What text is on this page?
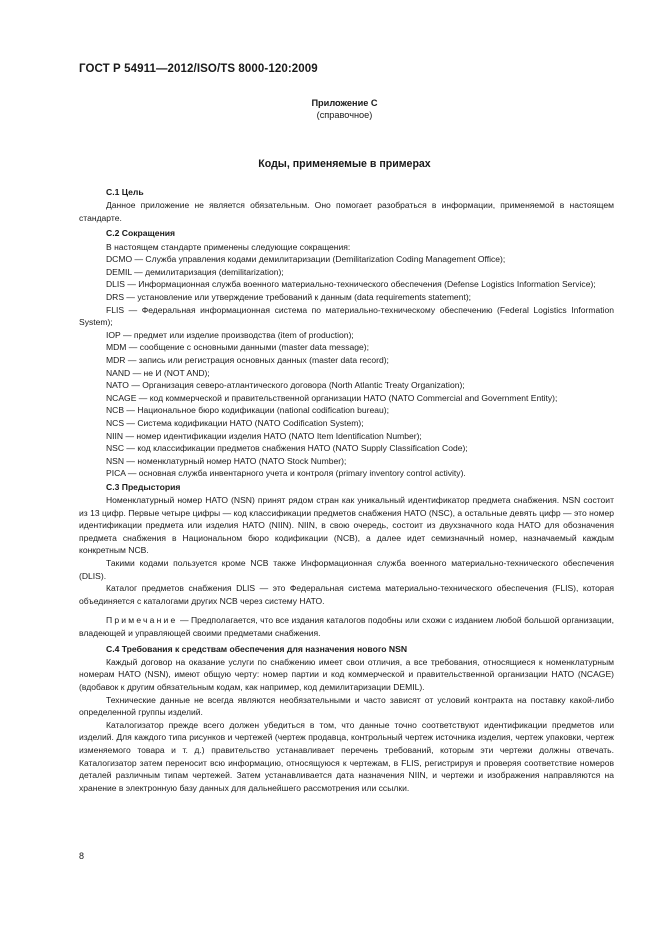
ГОСТ Р 54911—2012/ISO/TS 8000-120:2009
Приложение С
(справочное)
Коды, применяемые в примерах
С.1 Цель

Данное приложение не является обязательным. Оно помогает разобраться в информации, применяемой в настоящем стандарте.

С.2 Сокращения

В настоящем стандарте применены следующие сокращения:

DCMO — Служба управления кодами демилитаризации (Demilitarization Coding Management Office);

DEMIL — демилитаризация (demilitarization);

DLIS — Информационная служба военного материально-технического обеспечения (Defense Logistics Information Service);

DRS — установление или утверждение требований к данным (data requirements statement);

FLIS — Федеральная информационная система по материально-техническому обеспечению (Federal Logistics Information System);

IOP — предмет или изделие производства (item of production);

MDM — сообщение с основными данными (master data message);

MDR — запись или регистрация основных данных (master data record);

NAND — не И (NOT AND);

NATO — Организация северо-атлантического договора (North Atlantic Treaty Organization);

NCAGE — код коммерческой и правительственной организации НАТО (NATO Commercial and Government Entity);

NCB — Национальное бюро кодификации (national codification bureau);

NCS — Система кодификации НАТО (NATO Codification System);

NIIN — номер идентификации изделия НАТО (NATO Item Identification Number);

NSC — код классификации предметов снабжения НАТО (NATO Supply Classification Code);

NSN — номенклатурный номер НАТО (NATO Stock Number);

PICA — основная служба инвентарного учета и контроля (primary inventory control activity).

С.3 Предыстория

Номенклатурный номер НАТО (NSN) принят рядом стран как уникальный идентификатор предмета снабжения. NSN состоит из 13 цифр. Первые четыре цифры — код классификации предметов снабжения НАТО (NSC), а остальные девять цифр — это номер идентификации предмета или изделия НАТО (NIIN). NIIN, в свою очередь, состоит из двухзначного кода НАТО для обозначения предмета снабжения в Национальном бюро кодификации (NCB), а далее идет семизначный номер, назначаемый каждым конкретным NCB.

Такими кодами пользуется кроме NCB также Информационная служба военного материально-технического обеспечения (DLIS).

Каталог предметов снабжения DLIS — это Федеральная система материально-технического обеспечения (FLIS), которая объединяется с каталогами других NCB через систему НАТО.

Примечание — Предполагается, что все издания каталогов подобны или схожи с изданием любой большой организации, владеющей и управляющей своими предметами снабжения.

С.4 Требования к средствам обеспечения для назначения нового NSN

Каждый договор на оказание услуги по снабжению имеет свои отличия, а все требования, относящиеся к номенклатурным номерам НАТО (NSN), имеют общую черту: номер партии и код коммерческой и правительственной организации НАТО (NCAGE) (вдобавок к другим обязательным кодам, как например, код демилитаризации DEMIL).

Технические данные не всегда являются необязательными и часто зависят от условий контракта на поставку какой-либо определенной группы изделий.

Каталогизатор прежде всего должен убедиться в том, что данные точно соответствуют идентификации предметов или изделий. Для каждого типа рисунков и чертежей (чертеж продавца, контрольный чертеж источника изделия, чертеж упаковки, чертеж изменяемого товара и т. д.) правительство устанавливает перечень требований, которым эти чертежи должны отвечать. Каталогизатор затем переносит всю информацию, относящуюся к чертежам, в FLIS, регистрируя и проверяя соответствие номеров деталей различным типам чертежей. Затем устанавливается дата назначения NIIN, и чертежи и изображения направляются на хранение в электронную базу данных для дальнейшего рассмотрения или ссылки.

8
